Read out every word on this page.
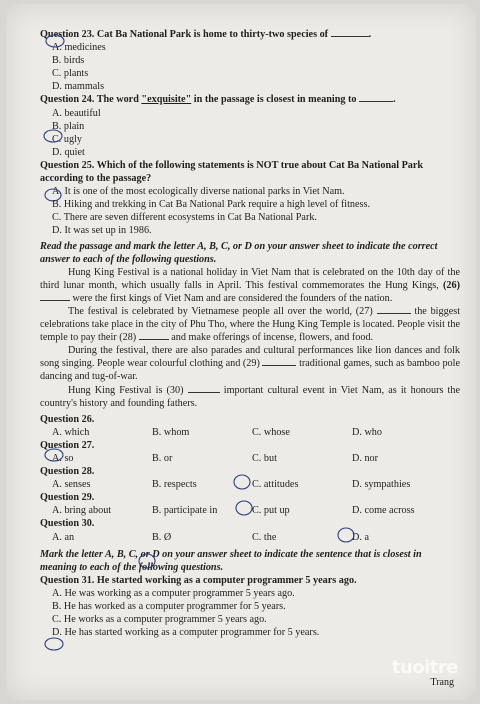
Question 23. Cat Ba National Park is home to thirty-two species of	.
A. medicines
B. birds
C. plants
D. mammals
Question 24. The word "exquisite" in the passage is closest in meaning to	.
A. beautiful
B. plain
C. ugly
D. quiet
Question 25. Which of the following statements is NOT true about Cat Ba National Park according to the passage?
A. It is one of the most ecologically diverse national parks in Viet Nam.
B. Hiking and trekking in Cat Ba National Park require a high level of fitness.
C. There are seven different ecosystems in Cat Ba National Park.
D. It was set up in 1986.
Read the passage and mark the letter A, B, C, or D on your answer sheet to indicate the correct answer to each of the following questions.
Hung King Festival is a national holiday in Viet Nam that is celebrated on the 10th day of the third lunar month, which usually falls in April. This festival commemorates the Hung Kings, (26)  were the first kings of Viet Nam and are considered the founders of the nation.
The festival is celebrated by Vietnamese people all over the world, (27)	the biggest celebrations take place in the city of Phu Tho, where the Hung King Temple is located. People visit the temple to pay their (28)	and make offerings of incense, flowers, and food.
During the festival, there are also parades and cultural performances like lion dances and folk song singing. People wear colourful clothing and (29)	traditional games, such as bamboo pole dancing and tug-of-war.
Hung King Festival is (30)	important cultural event in Viet Nam, as it honours the country's history and founding fathers.
Question 26.
A. which	B. whom	C. whose	D. who
Question 27.
A. so	B. or	C. but	D. nor
Question 28.
A. senses	B. respects	C. attitudes	D. sympathies
Question 29.
A. bring about	B. participate in	C. put up	D. come across
Question 30.
A. an	B. Ø	C. the	D. a
Mark the letter A, B, C, or D on your answer sheet to indicate the sentence that is closest in meaning to each of the following questions.
Question 31. He started working as a computer programmer 5 years ago.
A. He was working as a computer programmer 5 years ago.
B. He has worked as a computer programmer for 5 years.
C. He works as a computer programmer 5 years ago.
D. He has started working as a computer programmer for 5 years.
Trang
tuoitre
